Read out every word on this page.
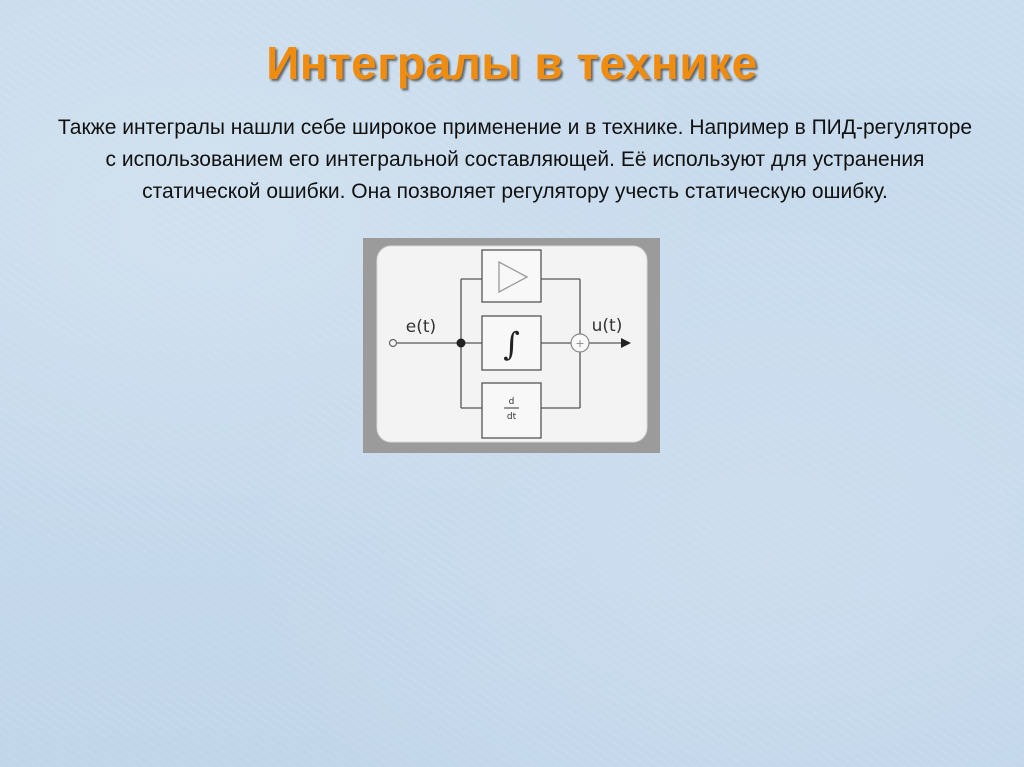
Интегралы в технике
Также интегралы нашли себе широкое применение и в технике. Например в ПИД-регуляторе с использованием его интегральной составляющей. Её используют для устранения статической ошибки. Она позволяет регулятору учесть статическую ошибку.
∫
d
dt
+
e(t)	u(t)
